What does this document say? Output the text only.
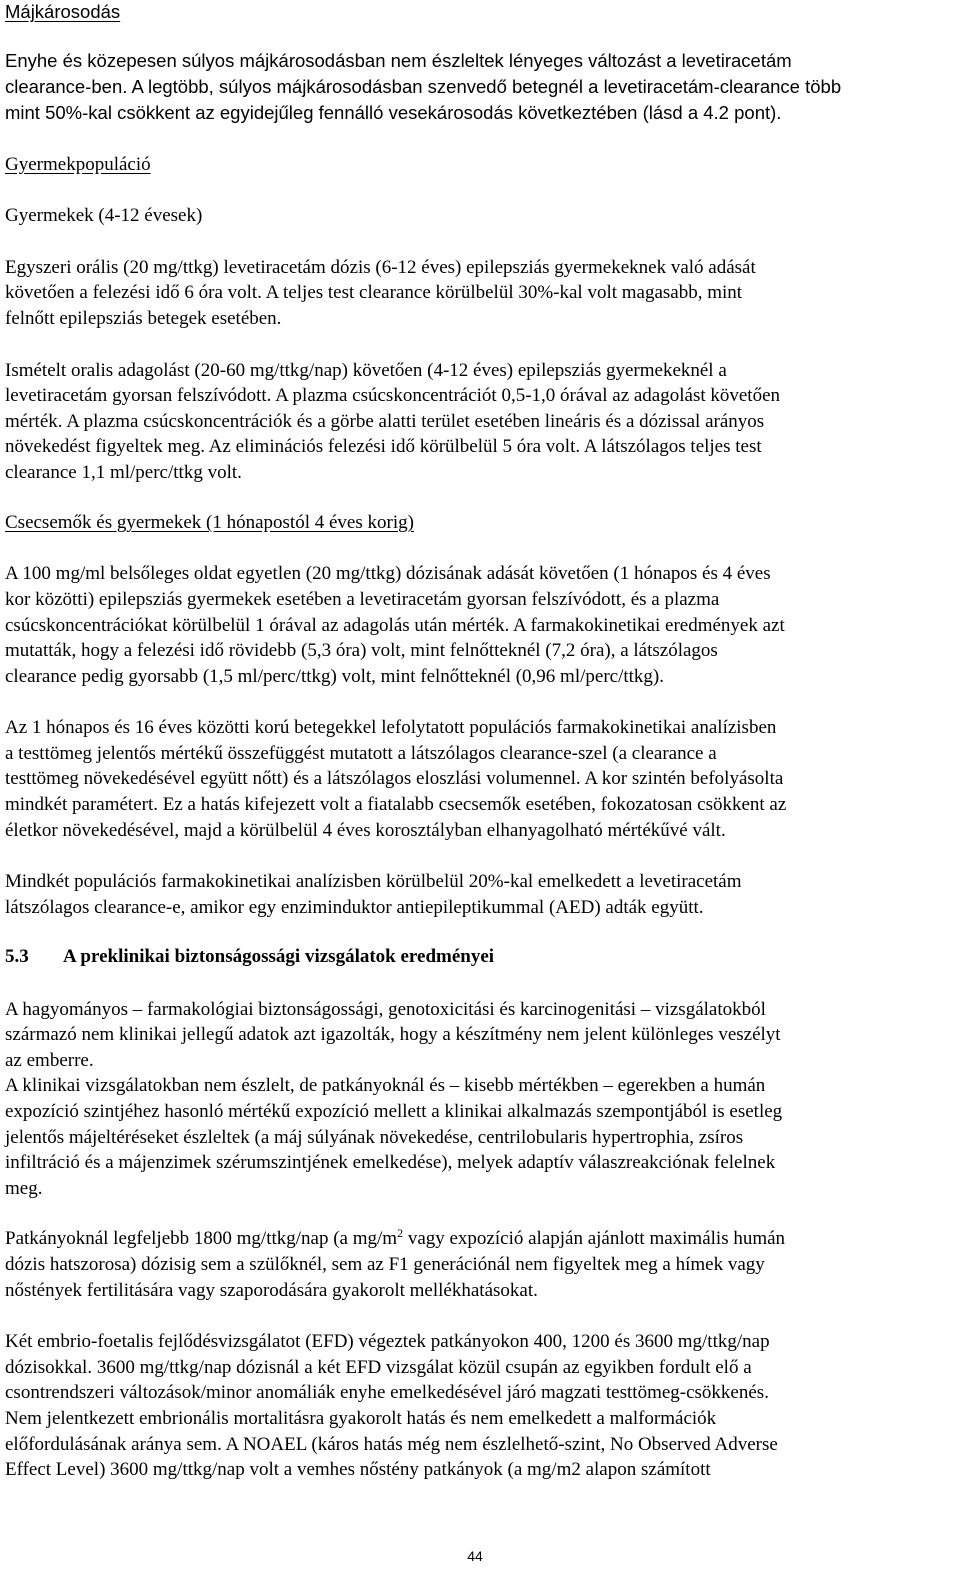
Májkárosodás
Enyhe és közepesen súlyos májkárosodásban nem észleltek lényeges változást a levetiracetám
clearance-ben. A legtöbb, súlyos májkárosodásban szenvedő betegnél a levetiracetám-clearance több
mint 50%-kal csökkent az egyidejűleg fennálló vesekárosodás következtében (lásd a 4.2 pont).
Gyermekpopuláció
Gyermekek (4-12 évesek)
Egyszeri orális (20 mg/ttkg) levetiracetám dózis (6-12 éves) epilepsziás gyermekeknek való adását
követően a felezési idő 6 óra volt. A teljes test clearance körülbelül 30%-kal volt magasabb, mint
felnőtt epilepsziás betegek esetében.
Ismételt oralis adagolást (20-60 mg/ttkg/nap) követően (4-12 éves) epilepsziás gyermekeknél a
levetiracetám gyorsan felszívódott. A plazma csúcskoncentrációt 0,5-1,0 órával az adagolást követően
mérték. A plazma csúcskoncentrációk és a görbe alatti terület esetében lineáris és a dózissal arányos
növekedést figyeltek meg. Az eliminációs felezési idő körülbelül 5 óra volt. A látszólagos teljes test
clearance 1,1 ml/perc/ttkg volt.
Csecsemők és gyermekek (1 hónapostól 4 éves korig)
A 100 mg/ml belsőleges oldat egyetlen (20 mg/ttkg) dózisának adását követően (1 hónapos és 4 éves
kor közötti) epilepsziás gyermekek esetében a levetiracetám gyorsan felszívódott, és a plazma
csúcskoncentrációkat körülbelül 1 órával az adagolás után mérték. A farmakokinetikai eredmények azt
mutatták, hogy a felezési idő rövidebb (5,3 óra) volt, mint felnőtteknél (7,2 óra), a látszólagos
clearance pedig gyorsabb (1,5 ml/perc/ttkg) volt, mint felnőtteknél (0,96 ml/perc/ttkg).
Az 1 hónapos és 16 éves közötti korú betegekkel lefolytatott populációs farmakokinetikai analízisben
a testtömeg jelentős mértékű összefüggést mutatott a látszólagos clearance-szel (a clearance a
testtömeg növekedésével együtt nőtt) és a látszólagos eloszlási volumennel. A kor szintén befolyásolta
mindkét paramétert. Ez a hatás kifejezett volt a fiatalabb csecsemők esetében, fokozatosan csökkent az
életkor növekedésével, majd a körülbelül 4 éves korosztályban elhanyagolható mértékűvé vált.
Mindkét populációs farmakokinetikai analízisben körülbelül 20%-kal emelkedett a levetiracetám
látszólagos clearance-e, amikor egy enziminduktor antiepileptikummal (AED) adták együtt.
5.3 A preklinikai biztonságossági vizsgálatok eredményei
A hagyományos – farmakológiai biztonságossági, genotoxicitási és karcinogenitási – vizsgálatokból
származó nem klinikai jellegű adatok azt igazolták, hogy a készítmény nem jelent különleges veszélyt
az emberre.
A klinikai vizsgálatokban nem észlelt, de patkányoknál és – kisebb mértékben – egerekben a humán
expozíció szintjéhez hasonló mértékű expozíció mellett a klinikai alkalmazás szempontjából is esetleg
jelentős májeltéréseket észleltek (a máj súlyának növekedése, centrilobularis hypertrophia, zsíros
infiltráció és a májenzimek szérumszintjének emelkedése), melyek adaptív válaszreakciónak felelnek
meg.
Patkányoknál legfeljebb 1800 mg/ttkg/nap (a $mg/m^2$ vagy expozíció alapján ajánlott maximális humán
dózis hatszorosa) dózisig sem a szülőknél, sem az F1 generációnál nem figyeltek meg a hímek vagy
nőstények fertilitására vagy szaporodására gyakorolt mellékhatásokat.
Két embrio-foetalis fejlődésvizsgálatot (EFD) végeztek patkányokon 400, 1200 és 3600 mg/ttkg/nap
dózisokkal. 3600 mg/ttkg/nap dózisnál a két EFD vizsgálat közül csupán az egyikben fordult elő a
csontrendszeri változások/minor anomáliák enyhe emelkedésével járó magzati testtömeg-csökkenés.
Nem jelentkezett embrionális mortalitásra gyakorolt hatás és nem emelkedett a malformációk
előfordulásának aránya sem. A NOAEL (káros hatás még nem észlelhető-szint, No Observed Adverse
Effect Level) 3600 mg/ttkg/nap volt a vemhes nőstény patkányok (a mg/m2 alapon számított
44
